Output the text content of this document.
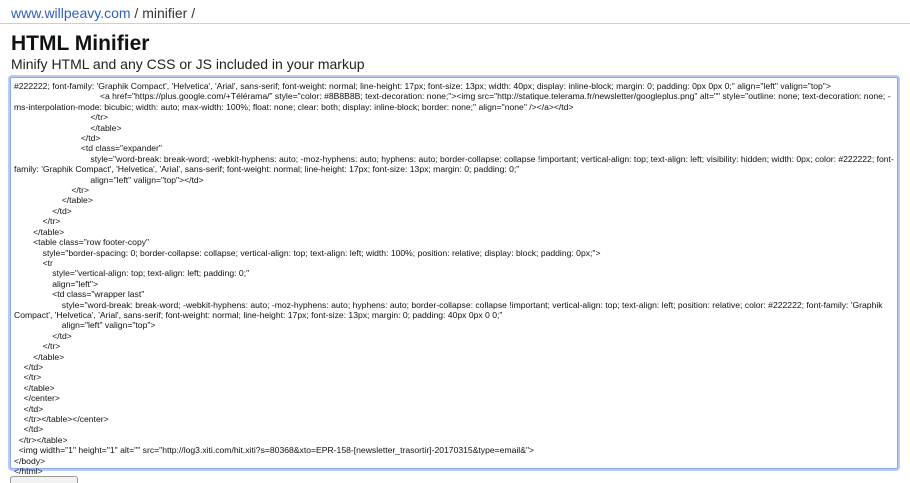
www.willpeavy.com / minifier /
HTML Minifier

Minify HTML and any CSS or JS included in your markup

#222222; font-family: 'Graphik Compact', 'Helvetica', 'Arial', sans-serif; font-weight: normal; line-height: 17px; font-size: 13px; width: 40px; display: inline-block; margin: 0; padding: 0px 0px 0;" align="left" valign="top">
<a href="https://plus.google.com/+Télérama/" style="color: #8B8B8B; text-decoration: none;"><img src="http://statique.telerama.fr/newsletter/googleplus.png" alt="" style="outline: none; text-decoration: none; -ms-interpolation-mode: bicubic; width: auto; max-width: 100%; float: none; clear: both; display: inline-block; border: none;" align="none" /></a></td>
</tr>
</table>
</td>
<td class="expander"
style="word-break: break-word; -webkit-hyphens: auto; -moz-hyphens: auto; hyphens: auto; border-collapse: collapse !important; vertical-align: top; text-align: left; visibility: hidden; width: 0px; color: #222222; font-family: 'Graphik Compact', 'Helvetica', 'Arial', sans-serif; font-weight: normal; line-height: 17px; font-size: 13px; margin: 0; padding: 0;"
align="left" valign="top"></td>
</tr>
</table>
</td>
</tr>
</table>
<table class="row footer-copy"
style="border-spacing: 0; border-collapse: collapse; vertical-align: top; text-align: left; width: 100%; position: relative; display: block; padding: 0px;">
<tr
style="vertical-align: top; text-align: left; padding: 0;"
align="left">
<td class="wrapper last"
style="word-break: break-word; -webkit-hyphens: auto; -moz-hyphens: auto; hyphens: auto; border-collapse: collapse !important; vertical-align: top; text-align: left; position: relative; color: #222222; font-family: 'Graphik Compact', 'Helvetica', 'Arial', sans-serif; font-weight: normal; line-height: 17px; font-size: 13px; margin: 0; padding: 40px 0px 0 0;"
align="left" valign="top">
</td>
</tr>
</table>
</td>
</tr>
</table>
</center>
</td>
</tr></table></center>
</td>
</tr></table>
<img width="1" height="1" alt="" src="http://log3.xiti.com/hit.xiti?s=80368&xto=EPR-158-[newsletter_trasortir]-20170315&type=email&">
</body>
</html>
